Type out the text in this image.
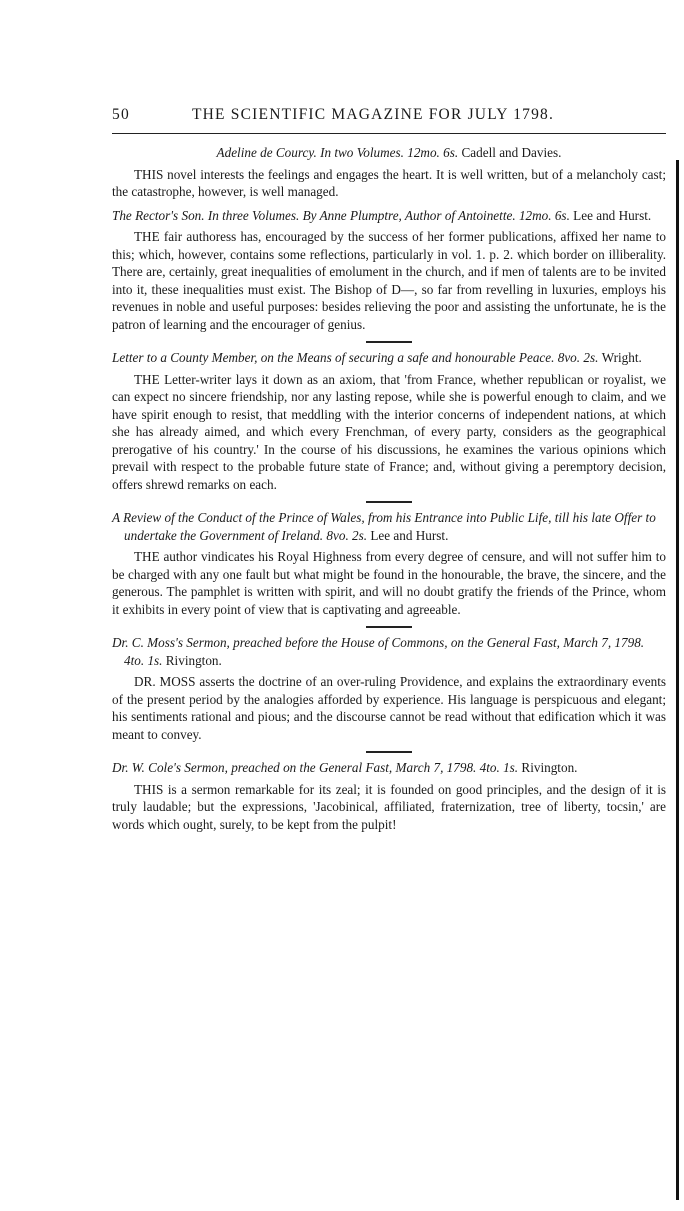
50	THE SCIENTIFIC MAGAZINE FOR JULY 1798.

Adeline de Courcy. In two Volumes. 12mo. 6s. Cadell and Davies.

THIS novel interests the feelings and engages the heart. It is well written, but of a melancholy cast; the catastrophe, however, is well managed.

The Rector's Son. In three Volumes. By Anne Plumptre, Author of Antoinette. 12mo. 6s. Lee and Hurst.

THE fair authoress has, encouraged by the success of her former publications, affixed her name to this; which, however, contains some reflections, particularly in vol. 1. p. 2. which border on illiberality. There are, certainly, great inequalities of emolument in the church, and if men of talents are to be invited into it, these inequalities must exist. The Bishop of D—, so far from revelling in luxuries, employs his revenues in noble and useful purposes: besides relieving the poor and assisting the unfortunate, he is the patron of learning and the encourager of genius.

Letter to a County Member, on the Means of securing a safe and honourable Peace. 8vo. 2s. Wright.

THE Letter-writer lays it down as an axiom, that 'from France, whether republican or royalist, we can expect no sincere friendship, nor any lasting repose, while she is powerful enough to claim, and we have spirit enough to resist, that meddling with the interior concerns of independent nations, at which she has already aimed, and which every Frenchman, of every party, considers as the geographical prerogative of his country.' In the course of his discussions, he examines the various opinions which prevail with respect to the probable future state of France; and, without giving a peremptory decision, offers shrewd remarks on each.

A Review of the Conduct of the Prince of Wales, from his Entrance into Public Life, till his late Offer to undertake the Government of Ireland. 8vo. 2s. Lee and Hurst.

THE author vindicates his Royal Highness from every degree of censure, and will not suffer him to be charged with any one fault but what might be found in the honourable, the brave, the sincere, and the generous. The pamphlet is written with spirit, and will no doubt gratify the friends of the Prince, whom it exhibits in every point of view that is captivating and agreeable.

Dr. C. Moss's Sermon, preached before the House of Commons, on the General Fast, March 7, 1798. 4to. 1s. Rivington.

DR. MOSS asserts the doctrine of an over-ruling Providence, and explains the extraordinary events of the present period by the analogies afforded by experience. His language is perspicuous and elegant; his sentiments rational and pious; and the discourse cannot be read without that edification which it was meant to convey.

Dr. W. Cole's Sermon, preached on the General Fast, March 7, 1798. 4to. 1s. Rivington.

THIS is a sermon remarkable for its zeal; it is founded on good principles, and the design of it is truly laudable; but the expressions, 'Jacobinical, affiliated, fraternization, tree of liberty, tocsin,' are words which ought, surely, to be kept from the pulpit!
